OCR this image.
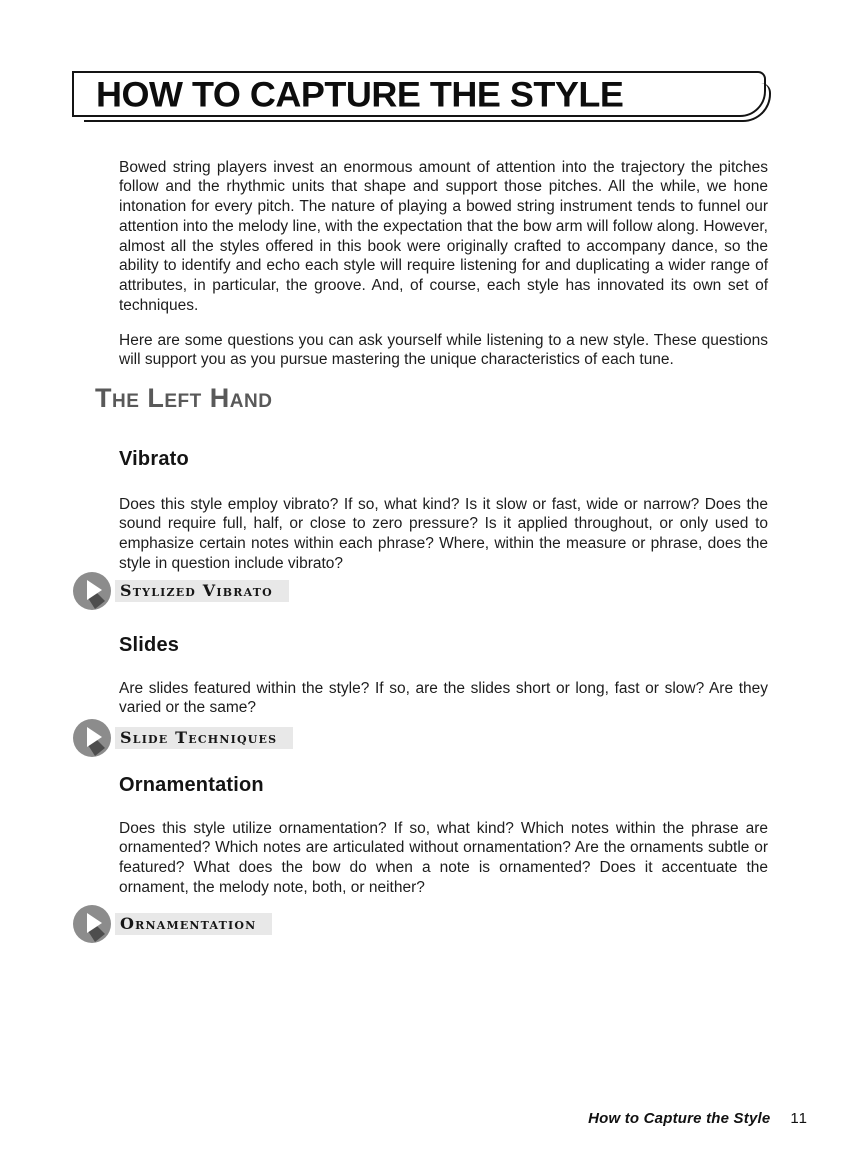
HOW TO CAPTURE THE STYLE

Bowed string players invest an enormous amount of attention into the trajectory the pitches follow and the rhythmic units that shape and support those pitches. All the while, we hone intonation for every pitch. The nature of playing a bowed string instrument tends to funnel our attention into the melody line, with the expectation that the bow arm will follow along. However, almost all the styles offered in this book were originally crafted to accompany dance, so the ability to identify and echo each style will require listening for and duplicating a wider range of attributes, in particular, the groove. And, of course, each style has innovated its own set of techniques.

Here are some questions you can ask yourself while listening to a new style. These questions will support you as you pursue mastering the unique characteristics of each tune.

The Left Hand
Vibrato

Does this style employ vibrato? If so, what kind? Is it slow or fast, wide or narrow? Does the sound require full, half, or close to zero pressure? Is it applied throughout, or only used to emphasize certain notes within each phrase? Where, within the measure or phrase, does the style in question include vibrato?

Stylized Vibrato
Slides

Are slides featured within the style? If so, are the slides short or long, fast or slow? Are they varied or the same?

Slide Techniques
Ornamentation

Does this style utilize ornamentation? If so, what kind? Which notes within the phrase are ornamented? Which notes are articulated without ornamentation? Are the ornaments subtle or featured? What does the bow do when a note is ornamented? Does it accentuate the ornament, the melody note, both, or neither?

Ornamentation
How to Capture the Style 11
